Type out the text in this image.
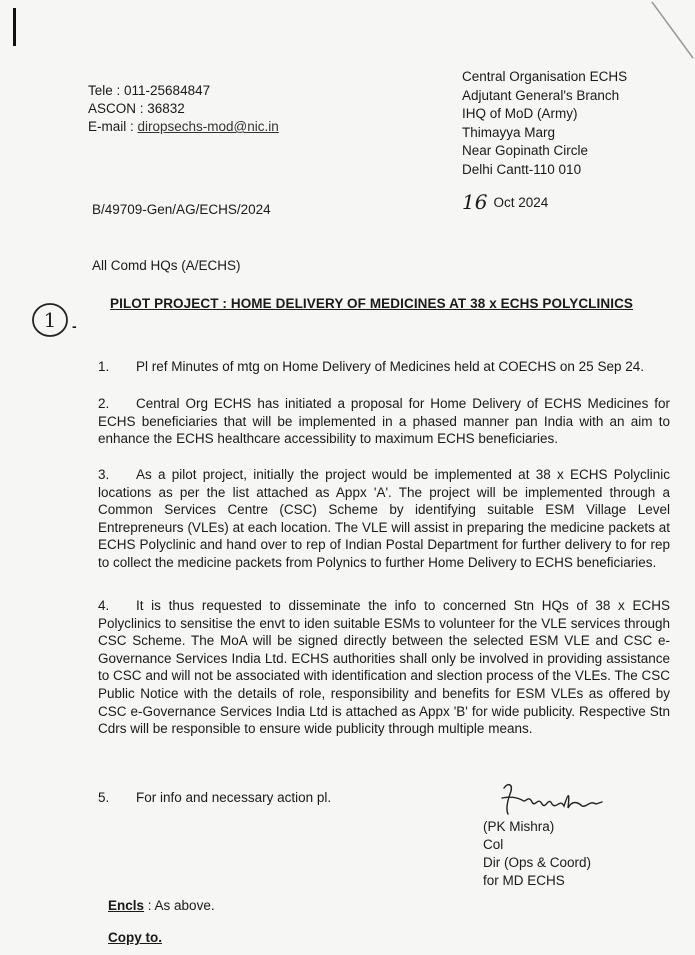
Tele : 011-25684847
ASCON : 36832
E-mail : diropsechs-mod@nic.in
Central Organisation ECHS
Adjutant General's Branch
IHQ of MoD (Army)
Thimayya Marg
Near Gopinath Circle
Delhi Cantt-110 010
16 Oct 2024
B/49709-Gen/AG/ECHS/2024
All Comd HQs (A/ECHS)
1 -
PILOT PROJECT : HOME DELIVERY OF MEDICINES AT 38 x ECHS POLYCLINICS
1. Pl ref Minutes of mtg on Home Delivery of Medicines held at COECHS on 25 Sep 24.
2. Central Org ECHS has initiated a proposal for Home Delivery of ECHS Medicines for ECHS beneficiaries that will be implemented in a phased manner pan India with an aim to enhance the ECHS healthcare accessibility to maximum ECHS beneficiaries.
3. As a pilot project, initially the project would be implemented at 38 x ECHS Polyclinic locations as per the list attached as Appx 'A'. The project will be implemented through a Common Services Centre (CSC) Scheme by identifying suitable ESM Village Level Entrepreneurs (VLEs) at each location. The VLE will assist in preparing the medicine packets at ECHS Polyclinic and hand over to rep of Indian Postal Department for further delivery to for rep to collect the medicine packets from Polynics to further Home Delivery to ECHS beneficiaries.
4. It is thus requested to disseminate the info to concerned Stn HQs of 38 x ECHS Polyclinics to sensitise the envt to iden suitable ESMs to volunteer for the VLE services through CSC Scheme. The MoA will be signed directly between the selected ESM VLE and CSC e-Governance Services India Ltd. ECHS authorities shall only be involved in providing assistance to CSC and will not be associated with identification and slection process of the VLEs. The CSC Public Notice with the details of role, responsibility and benefits for ESM VLEs as offered by CSC e-Governance Services India Ltd is attached as Appx 'B' for wide publicity. Respective Stn Cdrs will be responsible to ensure wide publicity through multiple means.
5. For info and necessary action pl.
(PK Mishra)
Col
Dir (Ops & Coord)
for MD ECHS
Encls : As above.
Copy to.
